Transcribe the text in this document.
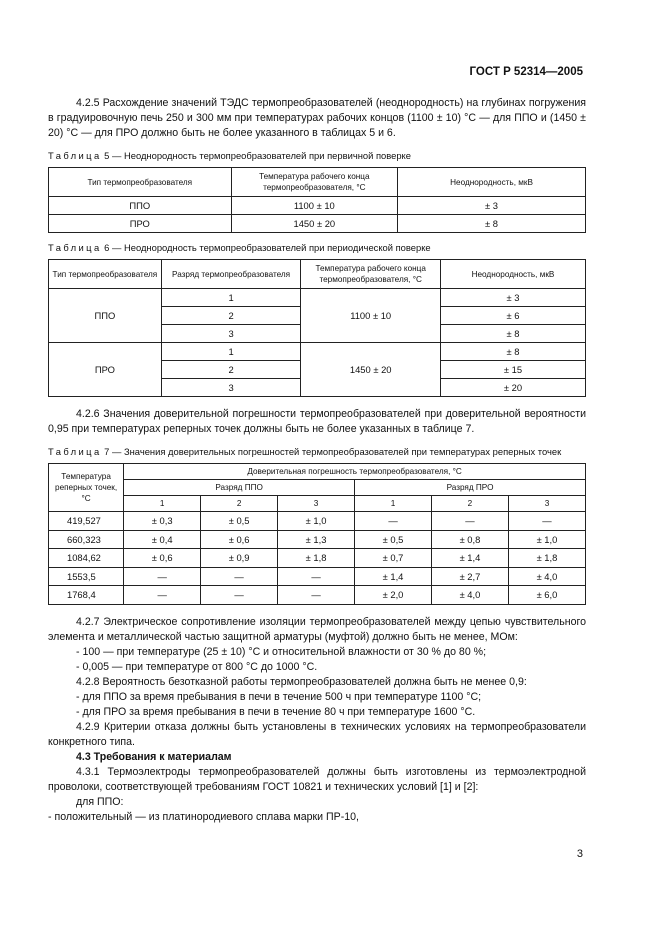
ГОСТ Р 52314—2005

4.2.5 Расхождение значений ТЭДС термопреобразователей (неоднородность) на глубинах погружения в градуировочную печь 250 и 300 мм при температурах рабочих концов (1100 ± 10) °С — для ППО и (1450 ± 20) °С — для ПРО должно быть не более указанного в таблицах 5 и 6.

Таблица 5 — Неоднородность термопреобразователей при первичной поверке
Тип термопреобразователя	Температура рабочего конца термопреобразователя, °С	Неоднородность, мкВ
ППО	1100 ± 10	± 3
ПРО	1450 ± 20	± 8
Таблица 6 — Неоднородность термопреобразователей при периодической поверке
Тип термопреобразователя	Разряд термопреобразователя	Температура рабочего конца термопреобразователя, °С	Неоднородность, мкВ
ППО	1	1100 ± 10	± 3
	2		± 6
	3		± 8
ПРО	1	1450 ± 20	± 8
	2		± 15
	3		± 20

4.2.6 Значения доверительной погрешности термопреобразователей при доверительной вероятности 0,95 при температурах реперных точек должны быть не более указанных в таблице 7.

Таблица 7 — Значения доверительных погрешностей термопреобразователей при температурах реперных точек
Температура реперных точек, °С	Доверительная погрешность термопреобразователя, °С					
	Разряд ППО			Разряд ПРО		
	1	2	3	1	2	3
419,527	± 0,3	± 0,5	± 1,0	—	—	—
660,323	± 0,4	± 0,6	± 1,3	± 0,5	± 0,8	± 1,0
1084,62	± 0,6	± 0,9	± 1,8	± 0,7	± 1,4	± 1,8
1553,5	—	—	—	± 1,4	± 2,7	± 4,0
1768,4	—	—	—	± 2,0	± 4,0	± 6,0

4.2.7 Электрическое сопротивление изоляции термопреобразователей между цепью чувствительного элемента и металлической частью защитной арматуры (муфтой) должно быть не менее, МОм:

- 100 — при температуре (25 ± 10) °С и относительной влажности от 30 % до 80 %;

- 0,005 — при температуре от 800 °С до 1000 °С.

4.2.8 Вероятность безотказной работы термопреобразователей должна быть не менее 0,9:

- для ППО за время пребывания в печи в течение 500 ч при температуре 1100 °С;

- для ПРО за время пребывания в печи в течение 80 ч при температуре 1600 °С.

4.2.9 Критерии отказа должны быть установлены в технических условиях на термопреобразователи конкретного типа.

4.3 Требования к материалам

4.3.1 Термоэлектроды термопреобразователей должны быть изготовлены из термоэлектродной проволоки, соответствующей требованиям ГОСТ 10821 и технических условий [1] и [2]:

для ППО:

- положительный — из платинородиевого сплава марки ПР-10,

3
